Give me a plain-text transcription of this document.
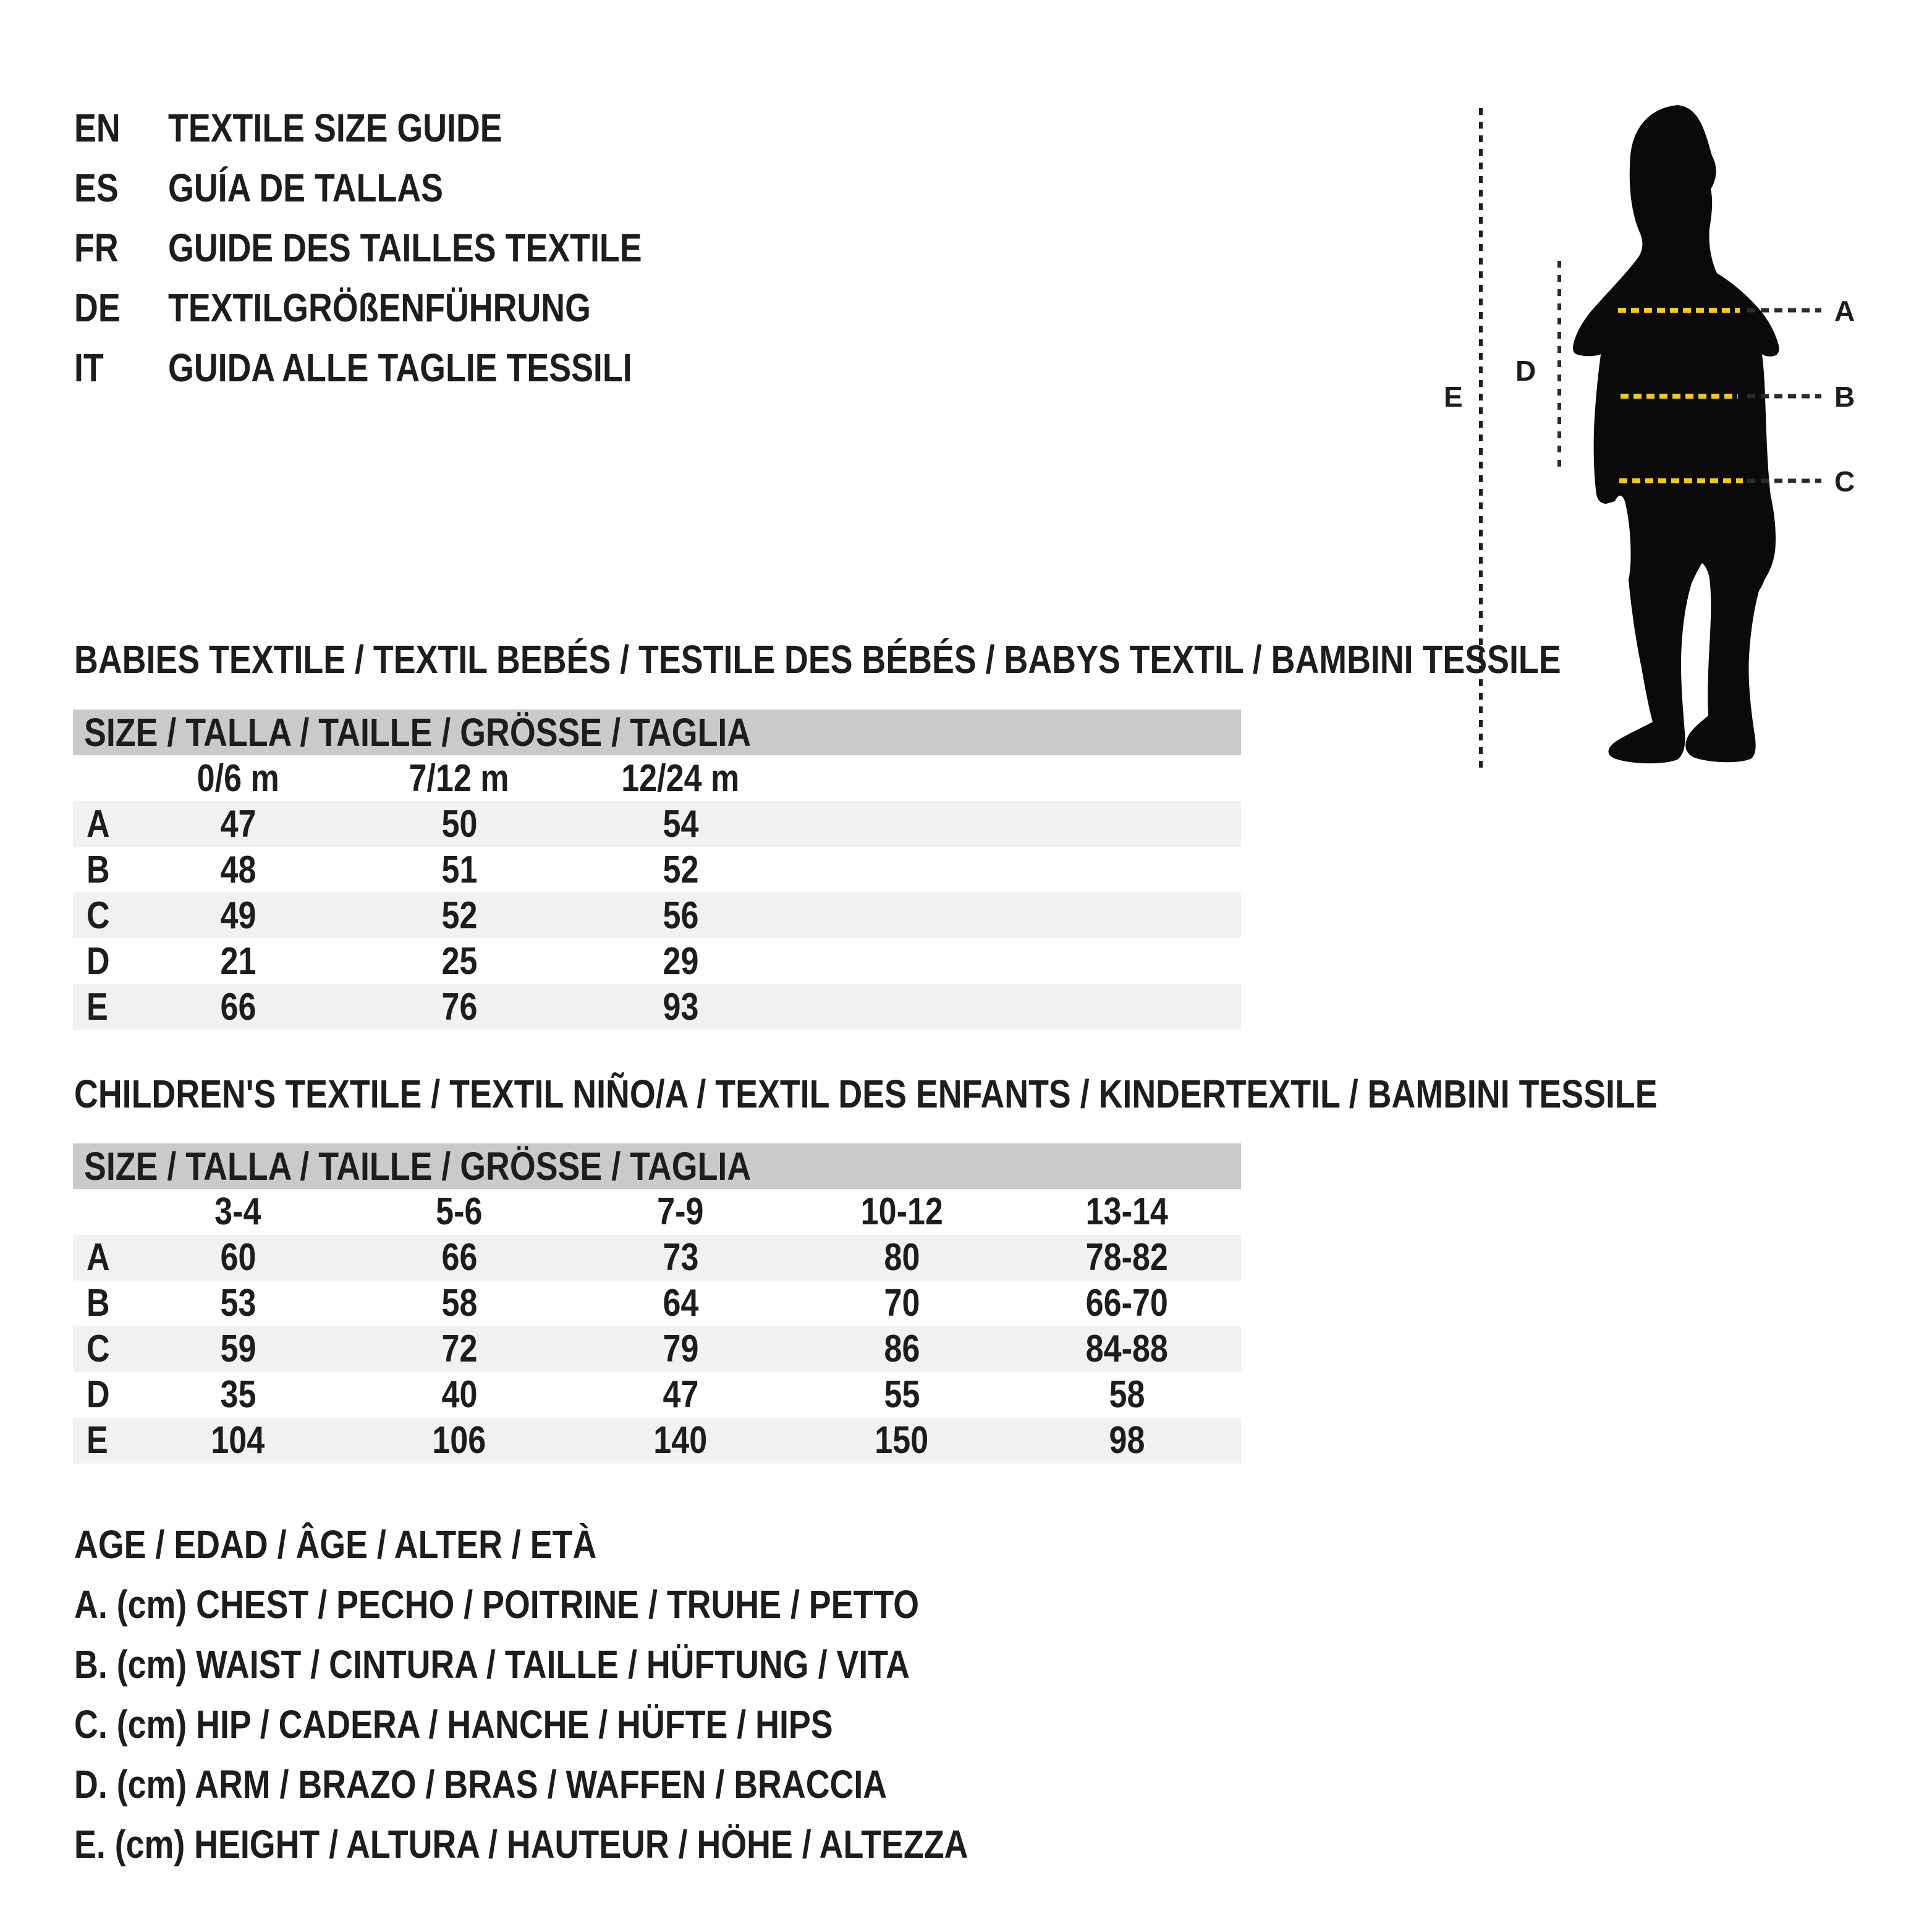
EN	TEXTILE SIZE GUIDE
ES	GUÍA DE TALLAS
FR	GUIDE DES TAILLES TEXTILE
DE	TEXTILGRÖßENFÜHRUNG
IT	GUIDA ALLE TAGLIE TESSILI
E
D
A
B
C
BABIES TEXTILE / TEXTIL BEBÉS / TESTILE DES BÉBÉS / BABYS TEXTIL / BAMBINI TESSILE
SIZE / TALLA / TAILLE / GRÖSSE / TAGLIA
0/6 m	7/12 m	12/24 m
A	47	50	54
B	48	51	52
C	49	52	56
D	21	25	29
E	66	76	93
CHILDREN'S TEXTILE / TEXTIL NIÑO/A / TEXTIL DES ENFANTS / KINDERTEXTIL / BAMBINI TESSILE
SIZE / TALLA / TAILLE / GRÖSSE / TAGLIA
3-4	5-6	7-9	10-12	13-14
A	60	66	73	80	78-82
B	53	58	64	70	66-70
C	59	72	79	86	84-88
D	35	40	47	55	58
E	104	106	140	150	98
AGE / EDAD / ÂGE / ALTER / ETÀ
A. (cm) CHEST / PECHO / POITRINE / TRUHE / PETTO
B. (cm) WAIST / CINTURA / TAILLE / HÜFTUNG / VITA
C. (cm) HIP / CADERA / HANCHE / HÜFTE / HIPS
D. (cm) ARM / BRAZO / BRAS / WAFFEN / BRACCIA
E. (cm) HEIGHT / ALTURA / HAUTEUR / HÖHE / ALTEZZA
